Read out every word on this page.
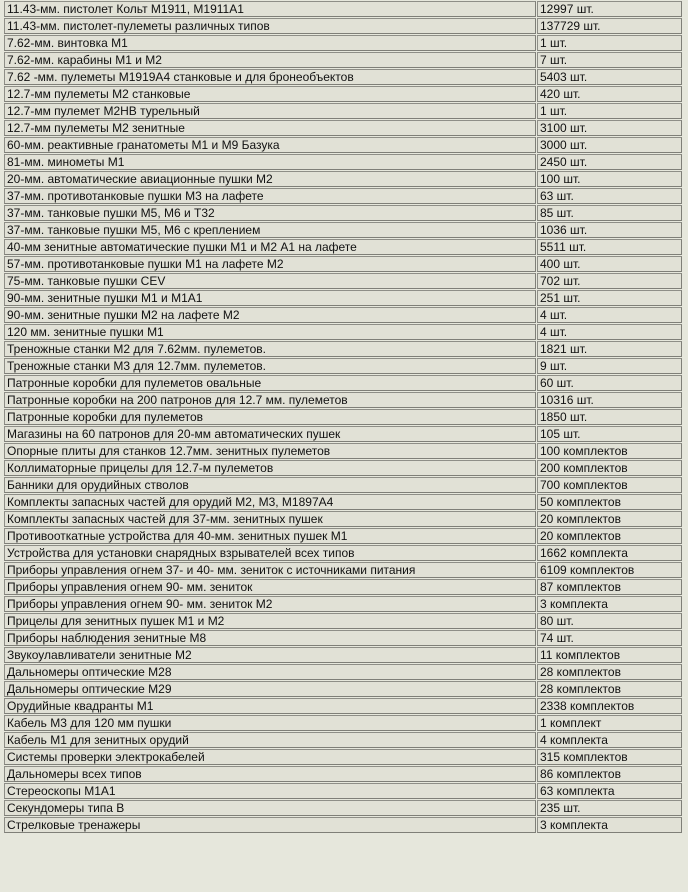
11.43-мм. пистолет Кольт М1911, М1911А1	12997 шт.
11.43-мм. пистолет-пулеметы различных типов	137729 шт.
7.62-мм. винтовка М1	1 шт.
7.62-мм. карабины М1 и М2	7 шт.
7.62 -мм. пулеметы М1919А4 станковые и для бронеобъектов	5403 шт.
12.7-мм пулеметы М2 станковые	420 шт.
12.7-мм пулемет М2НВ турельный	1 шт.
12.7-мм пулеметы М2 зенитные	3100 шт.
60-мм. реактивные гранатометы М1 и М9 Базука	3000 шт.
81-мм. минометы М1	2450 шт.
20-мм. автоматические авиационные пушки М2	100 шт.
37-мм. противотанковые пушки М3 на лафете	63 шт.
37-мм. танковые пушки М5, М6 и Т32	85 шт.
37-мм. танковые пушки М5, М6 с креплением	1036 шт.
40-мм зенитные автоматические пушки М1 и М2 А1 на лафете	5511 шт.
57-мм. противотанковые пушки М1 на лафете М2	400 шт.
75-мм. танковые пушки CEV	702 шт.
90-мм. зенитные пушки М1 и М1А1	251 шт.
90-мм. зенитные пушки М2 на лафете М2	4 шт.
120 мм. зенитные пушки М1	4 шт.
Треножные станки М2 для 7.62мм. пулеметов.	1821 шт.
Треножные станки М3 для 12.7мм. пулеметов.	9 шт.
Патронные коробки для пулеметов овальные	60 шт.
Патронные коробки на 200 патронов для 12.7 мм. пулеметов	10316 шт.
Патронные коробки для пулеметов	1850 шт.
Магазины на 60 патронов для 20-мм автоматических пушек	105 шт.
Опорные плиты для станков 12.7мм. зенитных пулеметов	100 комплектов
Коллиматорные прицелы для 12.7-м пулеметов	200 комплектов
Банники для орудийных стволов	700 комплектов
Комплекты запасных частей для орудий М2, М3, М1897А4	50 комплектов
Комплекты запасных частей для 37-мм. зенитных пушек	20 комплектов
Противооткатные устройства для 40-мм. зенитных пушек М1	20 комплектов
Устройства для установки снарядных взрывателей всех типов	1662 комплекта
Приборы управления огнем 37- и 40- мм. зениток с источниками питания	6109 комплектов
Приборы управления огнем 90- мм. зениток	87 комплектов
Приборы управления огнем 90- мм. зениток М2	3 комплекта
Прицелы для зенитных пушек М1 и М2	80 шт.
Приборы наблюдения зенитные М8	74 шт.
Звукоулавливатели зенитные М2	11 комплектов
Дальномеры оптические М28	28 комплектов
Дальномеры оптические М29	28 комплектов
Орудийные квадранты М1	2338 комплектов
Кабель М3 для 120 мм пушки	1 комплект
Кабель М1 для зенитных орудий	4 комплекта
Системы проверки электрокабелей	315 комплектов
Дальномеры всех типов	86 комплектов
Стереоскопы М1А1	63 комплекта
Секундомеры типа В	235 шт.
Стрелковые тренажеры	3 комплекта
